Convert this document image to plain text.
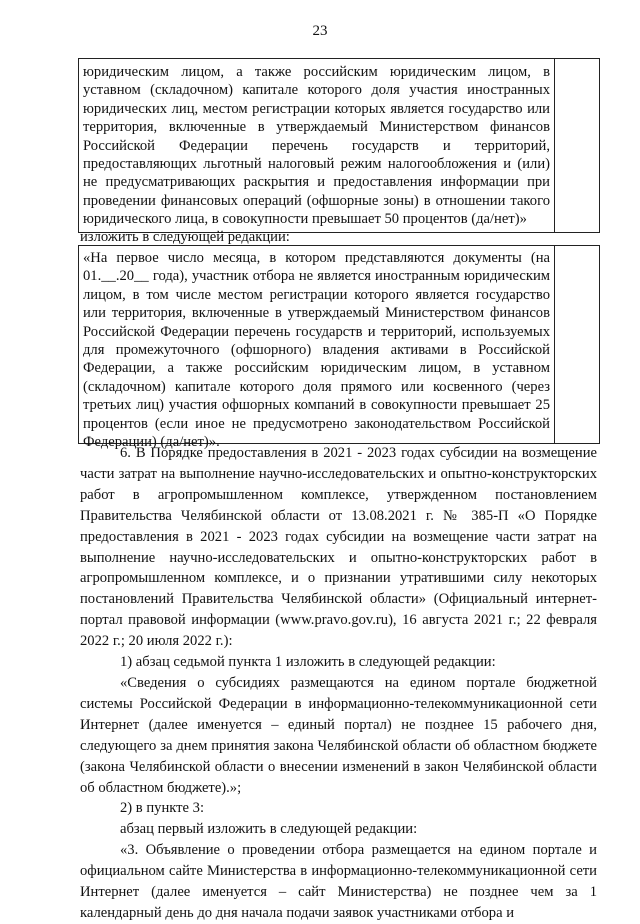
23
юридическим лицом, а также российским юридическим лицом, в уставном (складочном) капитале которого доля участия иностранных юридических лиц, местом регистрации которых является государство или территория, включенные в утверждаемый Министерством финансов Российской Федерации перечень государств и территорий, предоставляющих льготный налоговый режим налогообложения и (или) не предусматривающих раскрытия и предоставления информации при проведении финансовых операций (офшорные зоны) в отношении такого юридического лица, в совокупности превышает 50 процентов (да/нет)»
изложить в следующей редакции:
«На первое число месяца, в котором представляются документы (на 01.__.20__ года), участник отбора не является иностранным юридическим лицом, в том числе местом регистрации которого является государство или территория, включенные в утверждаемый Министерством финансов Российской Федерации перечень государств и территорий, используемых для промежуточного (офшорного) владения активами в Российской Федерации, а также российским юридическим лицом, в уставном (складочном) капитале которого доля прямого или косвенного (через третьих лиц) участия офшорных компаний в совокупности превышает 25 процентов (если иное не предусмотрено законодательством Российской Федерации) (да/нет)».

6. В Порядке предоставления в 2021 - 2023 годах субсидии на возмещение части затрат на выполнение научно-исследовательских и опытно-конструкторских работ в агропромышленном комплексе, утвержденном постановлением Правительства Челябинской области от 13.08.2021 г. № 385-П «О Порядке предоставления в 2021 - 2023 годах субсидии на возмещение части затрат на выполнение научно-исследовательских и опытно-конструкторских работ в агропромышленном комплексе, и о признании утратившими силу некоторых постановлений Правительства Челябинской области» (Официальный интернет-портал правовой информации (www.pravo.gov.ru), 16 августа 2021 г.; 22 февраля 2022 г.; 20 июля 2022 г.):

1) абзац седьмой пункта 1 изложить в следующей редакции:

«Сведения о субсидиях размещаются на едином портале бюджетной системы Российской Федерации в информационно-телекоммуникационной сети Интернет (далее именуется – единый портал) не позднее 15 рабочего дня, следующего за днем принятия закона Челябинской области об областном бюджете (закона Челябинской области о внесении изменений в закон Челябинской области об областном бюджете).»;

2) в пункте 3:

абзац первый изложить в следующей редакции:

«3. Объявление о проведении отбора размещается на едином портале и официальном сайте Министерства в информационно-телекоммуникационной сети Интернет (далее именуется – сайт Министерства) не позднее чем за 1 календарный день до дня начала подачи заявок участниками отбора и
